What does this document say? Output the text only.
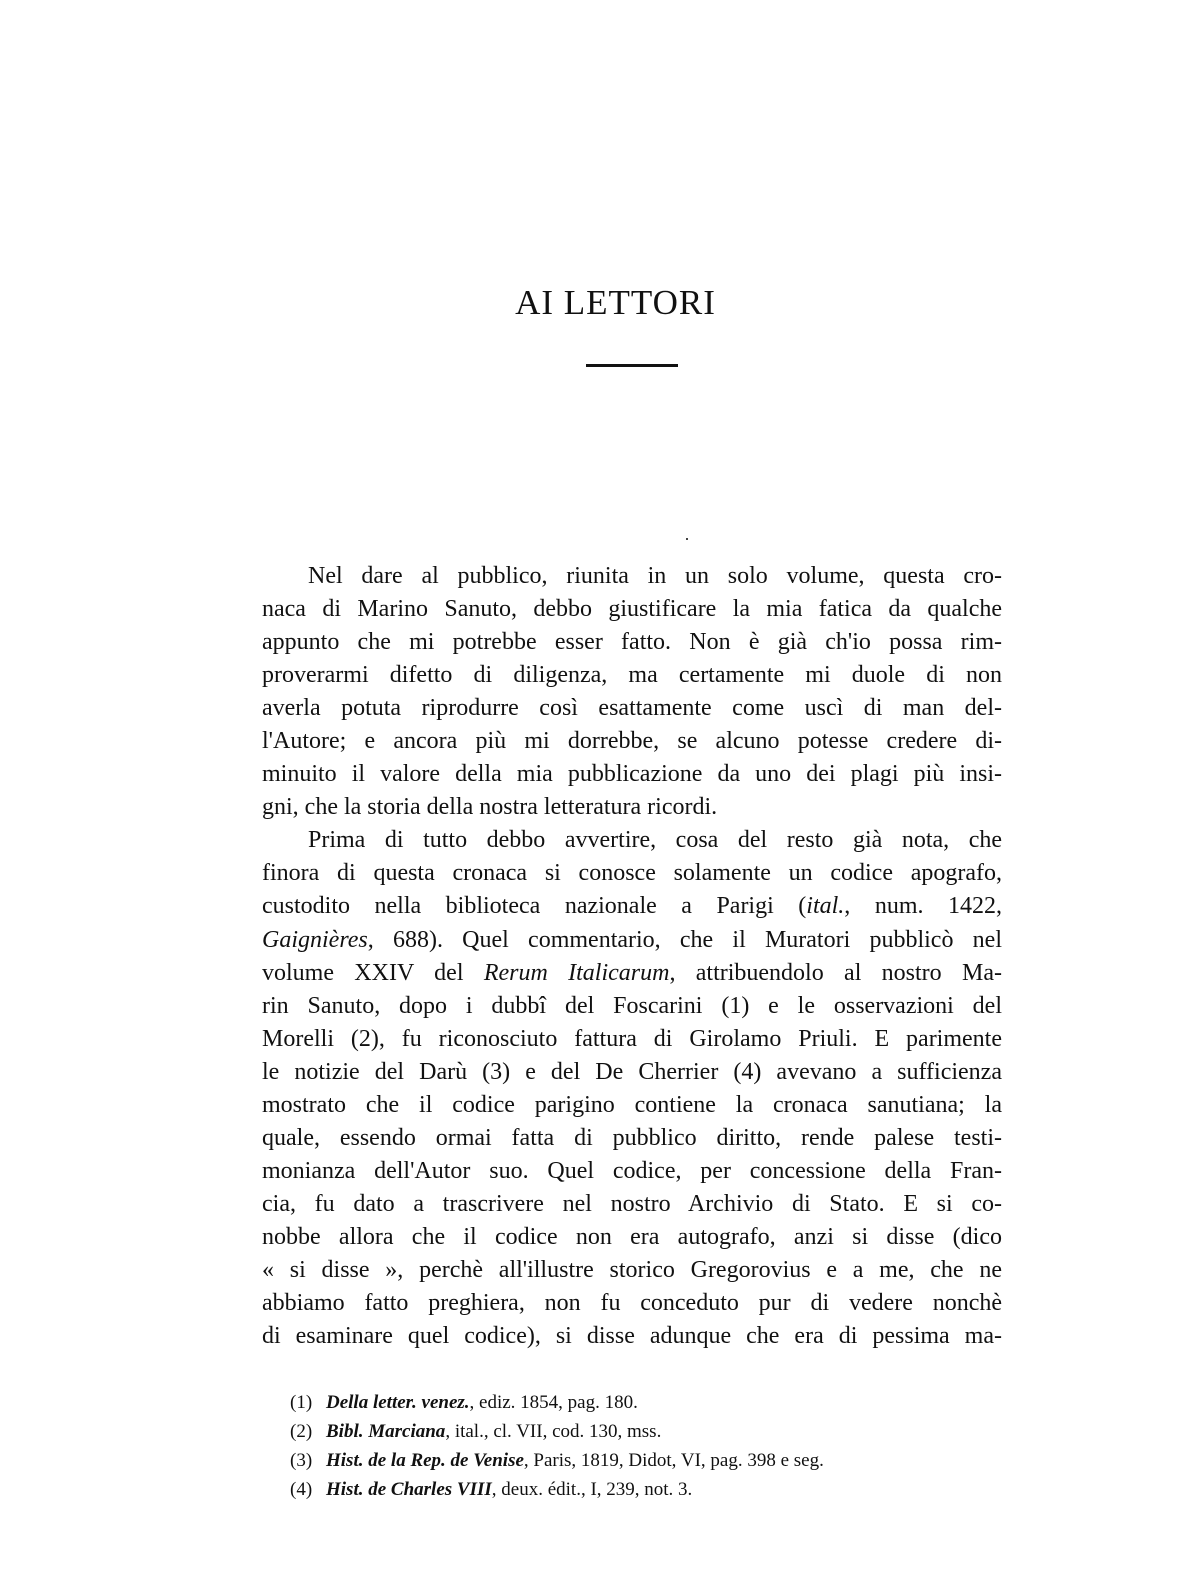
AI LETTORI
Nel dare al pubblico, riunita in un solo volume, questa cro-
naca di Marino Sanuto, debbo giustificare la mia fatica da qualche
appunto che mi potrebbe esser fatto. Non è già ch'io possa rim-
proverarmi difetto di diligenza, ma certamente mi duole di non
averla potuta riprodurre così esattamente come uscì di man del-
l'Autore; e ancora più mi dorrebbe, se alcuno potesse credere di-
minuito il valore della mia pubblicazione da uno dei plagi più insi-
gni, che la storia della nostra letteratura ricordi.
Prima di tutto debbo avvertire, cosa del resto già nota, che
finora di questa cronaca si conosce solamente un codice apografo,
custodito nella biblioteca nazionale a Parigi (ital., num. 1422,
Gaignières, 688). Quel commentario, che il Muratori pubblicò nel
volume XXIV del Rerum Italicarum, attribuendolo al nostro Ma-
rin Sanuto, dopo i dubbî del Foscarini (1) e le osservazioni del
Morelli (2), fu riconosciuto fattura di Girolamo Priuli. E parimente
le notizie del Darù (3) e del De Cherrier (4) avevano a sufficienza
mostrato che il codice parigino contiene la cronaca sanutiana; la
quale, essendo ormai fatta di pubblico diritto, rende palese testi-
monianza dell'Autor suo. Quel codice, per concessione della Fran-
cia, fu dato a trascrivere nel nostro Archivio di Stato. E si co-
nobbe allora che il codice non era autografo, anzi si disse (dico
« si disse », perchè all'illustre storico Gregorovius e a me, che ne
abbiamo fatto preghiera, non fu conceduto pur di vedere nonchè
di esaminare quel codice), si disse adunque che era di pessima ma-
(1) Della letter. venez., ediz. 1854, pag. 180.
(2) Bibl. Marciana, ital., cl. VII, cod. 130, mss.
(3) Hist. de la Rep. de Venise, Paris, 1819, Didot, VI, pag. 398 e seg.
(4) Hist. de Charles VIII, deux. édit., I, 239, not. 3.
